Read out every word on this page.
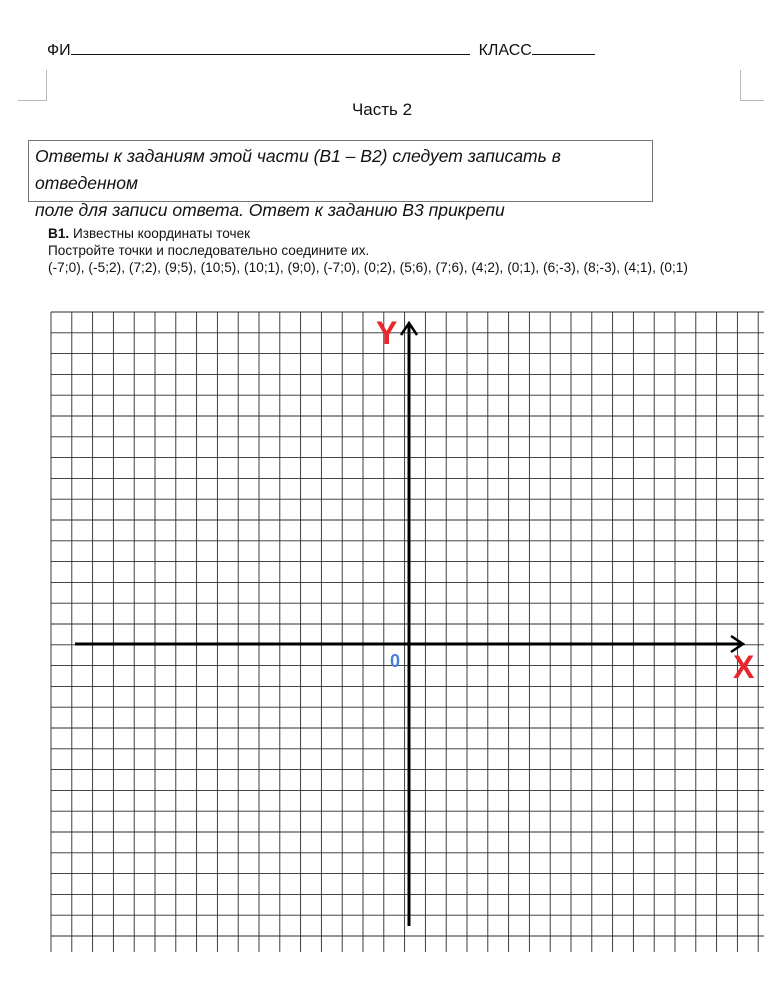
ФИ	КЛАСС
Часть 2
Ответы к заданиям этой части (В1 – В2) следует записать в отведенном
поле для записи ответа. Ответ к заданию В3 прикрепи
В1. Известны координаты точек
Постройте точки и последовательно соедините их.
(-7;0), (-5;2), (7;2), (9;5), (10;5), (10;1), (9;0), (-7;0), (0;2), (5;6), (7;6), (4;2), (0;1), (6;-3), (8;-3), (4;1), (0;1)
Y
X
0
